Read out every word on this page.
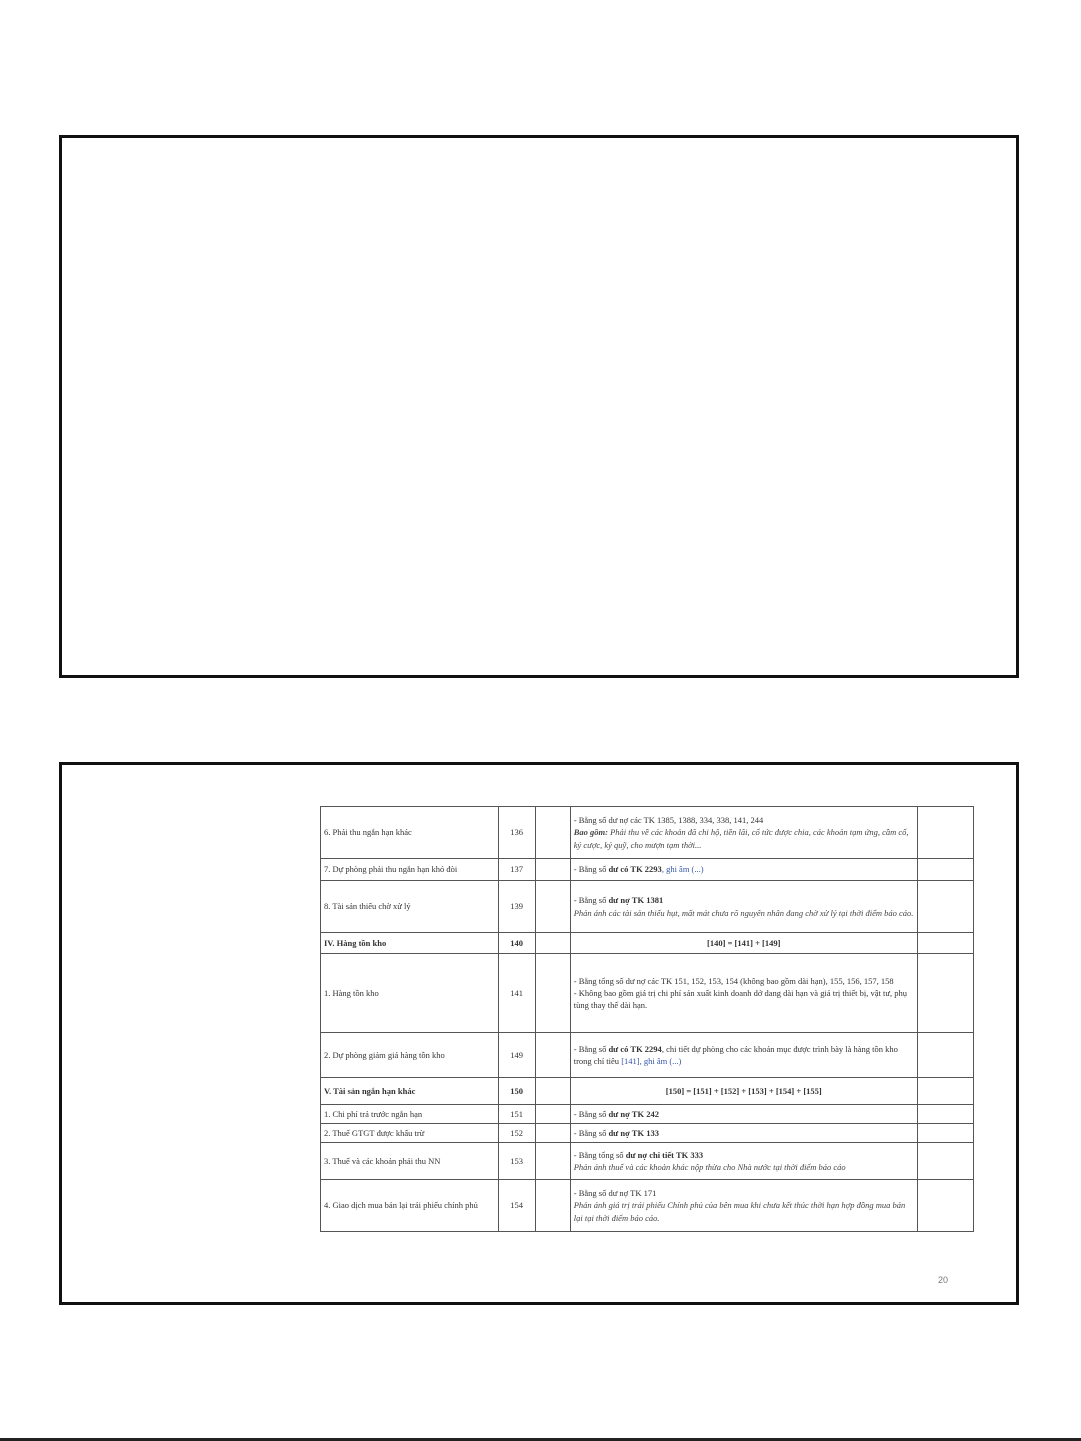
6. Phải thu ngắn hạn khác	136		- Bằng số dư nợ các TK 1385, 1388, 334, 338, 141, 244
Bao gồm: Phải thu về các khoản đã chi hộ, tiền lãi, cổ tức được chia, các khoản tạm ứng, cầm cố, ký cược, ký quỹ, cho mượn tạm thời...	

7. Dự phòng phải thu ngắn hạn khó đòi	137		- Bằng số dư có TK 2293, ghi âm (...)	
8. Tài sản thiếu chờ xử lý	139		- Bằng số dư nợ TK 1381
Phản ánh các tài sản thiếu hụt, mất mát chưa rõ nguyên nhân đang chờ xử lý tại thời điểm báo cáo.	

IV. Hàng tồn kho	140		[140] = [141] + [149]	
1. Hàng tồn kho	141		- Bằng tổng số dư nợ các TK 151, 152, 153, 154 (không bao gồm dài hạn), 155, 156, 157, 158
- Không bao gồm giá trị chi phí sản xuất kinh doanh dở dang dài hạn và giá trị thiết bị, vật tư, phụ tùng thay thế dài hạn.	

2. Dự phòng giảm giá hàng tồn kho	149		- Bằng số dư có TK 2294, chi tiết dự phòng cho các khoản mục được trình bày là hàng tồn kho trong chỉ tiêu [141], ghi âm (...)	
V. Tài sản ngắn hạn khác	150		[150] = [151] + [152] + [153] + [154] + [155]	
1. Chi phí trả trước ngắn hạn	151		- Bằng số dư nợ TK 242	
2. Thuế GTGT được khấu trừ	152		- Bằng số dư nợ TK 133	
3. Thuế và các khoản phải thu NN	153		- Bằng tổng số dư nợ chi tiết TK 333
Phản ánh thuế và các khoản khác nộp thừa cho Nhà nước tại thời điểm báo cáo	

4. Giao dịch mua bán lại trái phiếu chính phủ	154		- Bằng số dư nợ TK 171
Phản ánh giá trị trái phiếu Chính phủ của bên mua khi chưa kết thúc thời hạn hợp đồng mua bán lại tại thời điểm báo cáo.	

20
